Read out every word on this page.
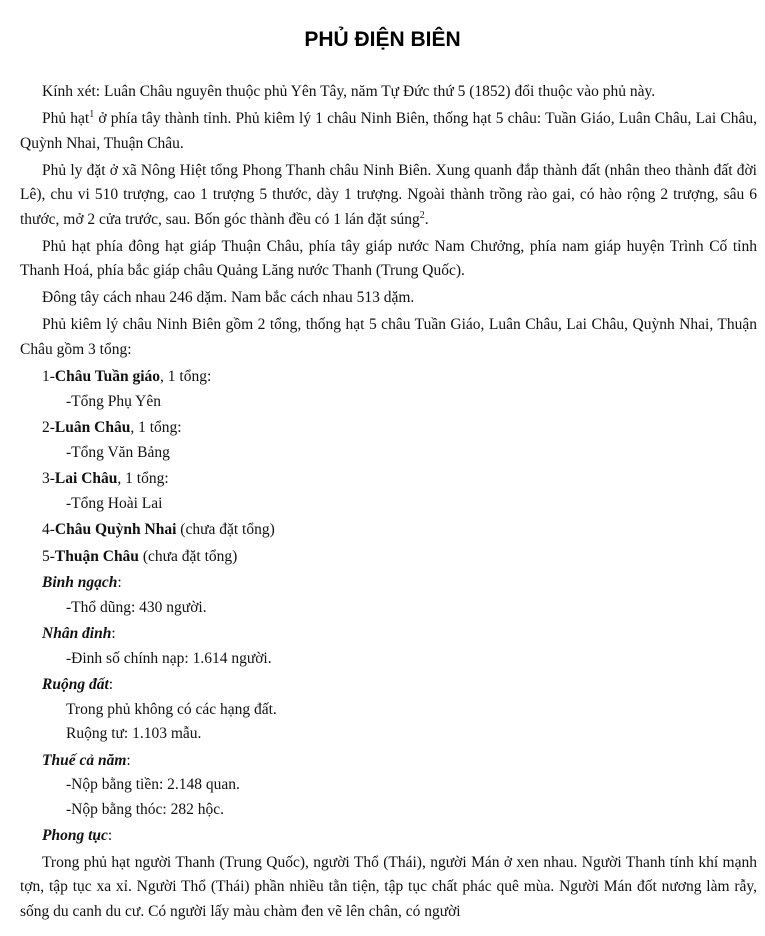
PHỦ ĐIỆN BIÊN

Kính xét: Luân Châu nguyên thuộc phủ Yên Tây, năm Tự Đức thứ 5 (1852) đổi thuộc vào phủ này.

Phủ hạt$^1$ ở phía tây thành tỉnh. Phủ kiêm lý 1 châu Ninh Biên, thống hạt 5 châu: Tuần Giáo, Luân Châu, Lai Châu, Quỳnh Nhai, Thuận Châu.

Phủ ly đặt ở xã Nông Hiệt tổng Phong Thanh châu Ninh Biên. Xung quanh đắp thành đất (nhân theo thành đất đời Lê), chu vi 510 trượng, cao 1 trượng 5 thước, dày 1 trượng. Ngoài thành trồng rào gai, có hào rộng 2 trượng, sâu 6 thước, mở 2 cửa trước, sau. Bốn góc thành đều có 1 lán đặt súng$^2$.

Phủ hạt phía đông hạt giáp Thuận Châu, phía tây giáp nước Nam Chưởng, phía nam giáp huyện Trình Cố tỉnh Thanh Hoá, phía bắc giáp châu Quảng Lăng nước Thanh (Trung Quốc).

Đông tây cách nhau 246 dặm. Nam bắc cách nhau 513 dặm.

Phủ kiêm lý châu Ninh Biên gồm 2 tổng, thống hạt 5 châu Tuần Giáo, Luân Châu, Lai Châu, Quỳnh Nhai, Thuận Châu gồm 3 tổng:

1-Châu Tuần giáo, 1 tổng:
-Tổng Phụ Yên
2-Luân Châu, 1 tổng:
-Tổng Văn Bảng
3-Lai Châu, 1 tổng:
-Tổng Hoài Lai
4-Châu Quỳnh Nhai (chưa đặt tổng)
5-Thuận Châu (chưa đặt tổng)
Binh ngạch:
-Thổ dũng: 430 người.
Nhân đinh:
-Đinh số chính nạp: 1.614 người.
Ruộng đất:
Trong phủ không có các hạng đất.
Ruộng tư: 1.103 mẫu.
Thuế cả năm:
-Nộp bằng tiền: 2.148 quan.
-Nộp bằng thóc: 282 hộc.
Phong tục:

Trong phủ hạt người Thanh (Trung Quốc), người Thổ (Thái), người Mán ở xen nhau. Người Thanh tính khí mạnh tợn, tập tục xa xỉ. Người Thổ (Thái) phần nhiều tằn tiện, tập tục chất phác quê mùa. Người Mán đốt nương làm rẫy, sống du canh du cư. Có người lấy màu chàm đen vẽ lên chân, có người
